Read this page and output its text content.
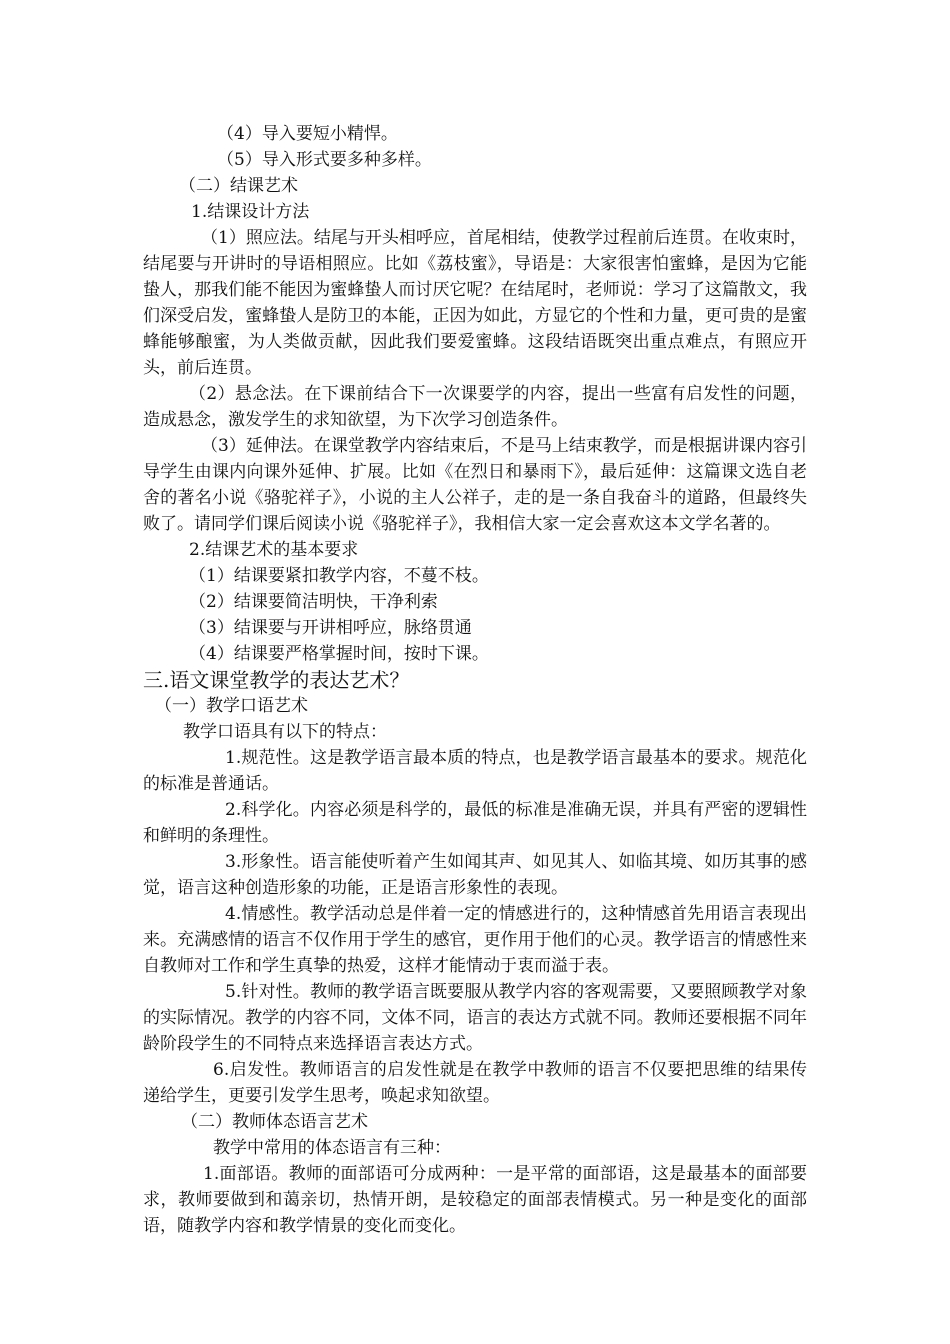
（4）导入要短小精悍。

（5）导入形式要多种多样。

（二）结课艺术

1.结课设计方法

（1）照应法。结尾与开头相呼应，首尾相结，使教学过程前后连贯。在收束时，结尾要与开讲时的导语相照应。比如《荔枝蜜》，导语是：大家很害怕蜜蜂，是因为它能蛰人，那我们能不能因为蜜蜂蛰人而讨厌它呢？在结尾时，老师说：学习了这篇散文，我们深受启发，蜜蜂蛰人是防卫的本能，正因为如此，方显它的个性和力量，更可贵的是蜜蜂能够酿蜜，为人类做贡献，因此我们要爱蜜蜂。这段结语既突出重点难点，有照应开头，前后连贯。

（2）悬念法。在下课前结合下一次课要学的内容，提出一些富有启发性的问题，造成悬念，激发学生的求知欲望，为下次学习创造条件。

（3）延伸法。在课堂教学内容结束后，不是马上结束教学，而是根据讲课内容引导学生由课内向课外延伸、扩展。比如《在烈日和暴雨下》，最后延伸：这篇课文选自老舍的著名小说《骆驼祥子》，小说的主人公祥子，走的是一条自我奋斗的道路，但最终失败了。请同学们课后阅读小说《骆驼祥子》，我相信大家一定会喜欢这本文学名著的。

2.结课艺术的基本要求

（1）结课要紧扣教学内容，不蔓不枝。

（2）结课要简洁明快，干净利索

（3）结课要与开讲相呼应，脉络贯通

（4）结课要严格掌握时间，按时下课。

三.语文课堂教学的表达艺术？

（一）教学口语艺术

教学口语具有以下的特点：

1.规范性。这是教学语言最本质的特点，也是教学语言最基本的要求。规范化的标准是普通话。

2.科学化。内容必须是科学的，最低的标准是准确无误，并具有严密的逻辑性和鲜明的条理性。

3.形象性。语言能使听着产生如闻其声、如见其人、如临其境、如历其事的感觉，语言这种创造形象的功能，正是语言形象性的表现。

4.情感性。教学活动总是伴着一定的情感进行的，这种情感首先用语言表现出来。充满感情的语言不仅作用于学生的感官，更作用于他们的心灵。教学语言的情感性来自教师对工作和学生真挚的热爱，这样才能情动于衷而溢于表。

5.针对性。教师的教学语言既要服从教学内容的客观需要，又要照顾教学对象的实际情况。教学的内容不同，文体不同，语言的表达方式就不同。教师还要根据不同年龄阶段学生的不同特点来选择语言表达方式。

6.启发性。教师语言的启发性就是在教学中教师的语言不仅要把思维的结果传递给学生，更要引发学生思考，唤起求知欲望。

（二）教师体态语言艺术

教学中常用的体态语言有三种：

1.面部语。教师的面部语可分成两种：一是平常的面部语，这是最基本的面部要求，教师要做到和蔼亲切，热情开朗，是较稳定的面部表情模式。另一种是变化的面部语，随教学内容和教学情景的变化而变化。
